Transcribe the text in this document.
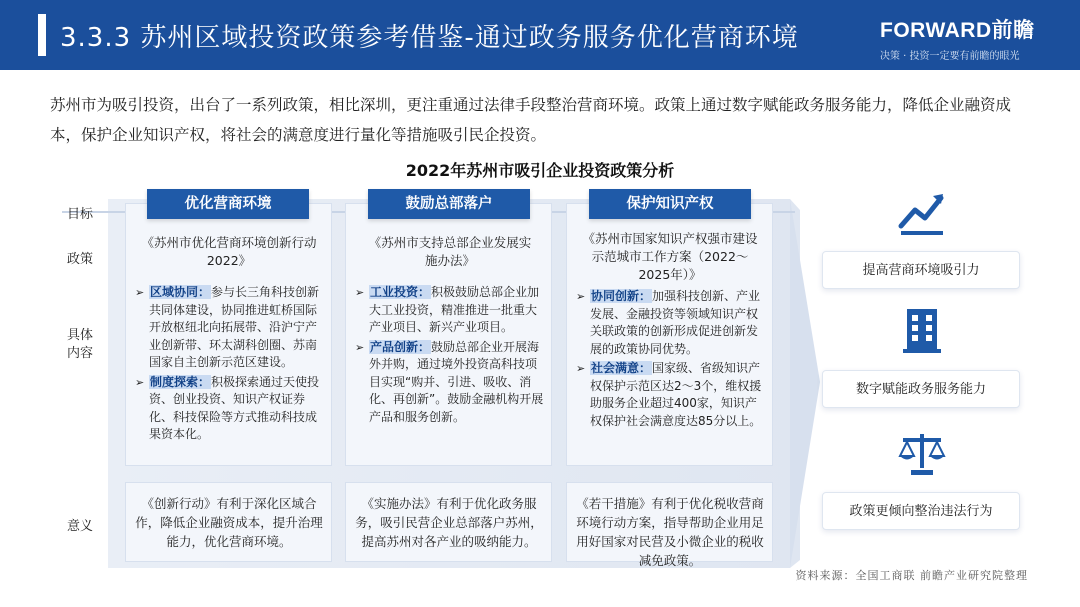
3.3.3 苏州区域投资政策参考借鉴-通过政务服务优化营商环境	FORWARD前瞻
决策 · 投资一定要有前瞻的眼光
苏州市为吸引投资，出台了一系列政策，相比深圳，更注重通过法律手段整治营商环境。政策上通过数字赋能政务服务能力，降低企业融资成本，保护企业知识产权，将社会的满意度进行量化等措施吸引民企投资。
2022年苏州市吸引企业投资政策分析
目标
政策
具体
内容
意义
优化营商环境
《苏州市优化营商环境创新行动2022》
➢ 区域协同：参与长三角科技创新共同体建设，协同推进虹桥国际开放枢纽北向拓展带、沿沪宁产业创新带、环太湖科创圈、苏南国家自主创新示范区建设。
➢ 制度探索：积极探索通过天使投资、创业投资、知识产权证券化、科技保险等方式推动科技成果资本化。
《创新行动》有利于深化区域合作，降低企业融资成本，提升治理能力，优化营商环境。
鼓励总部落户
《苏州市支持总部企业发展实施办法》
➢ 工业投资：积极鼓励总部企业加大工业投资，精准推进一批重大产业项目、新兴产业项目。
➢ 产品创新：鼓励总部企业开展海外并购，通过境外投资高科技项目实现“购并、引进、吸收、消化、再创新”。鼓励金融机构开展产品和服务创新。
《实施办法》有利于优化政务服务，吸引民营企业总部落户苏州，提高苏州对各产业的吸纳能力。
保护知识产权
《苏州市国家知识产权强市建设示范城市工作方案（2022～2025年）》
➢ 协同创新：加强科技创新、产业发展、金融投资等领域知识产权关联政策的创新形成促进创新发展的政策协同优势。
➢ 社会满意：国家级、省级知识产权保护示范区达2～3个，维权援助服务企业超过400家，知识产权保护社会满意度达85分以上。
《若干措施》有利于优化税收营商环境行动方案，指导帮助企业用足用好国家对民营及小微企业的税收减免政策。
提高营商环境吸引力
数字赋能政务服务能力
政策更倾向整治违法行为
资料来源：全国工商联 前瞻产业研究院整理
